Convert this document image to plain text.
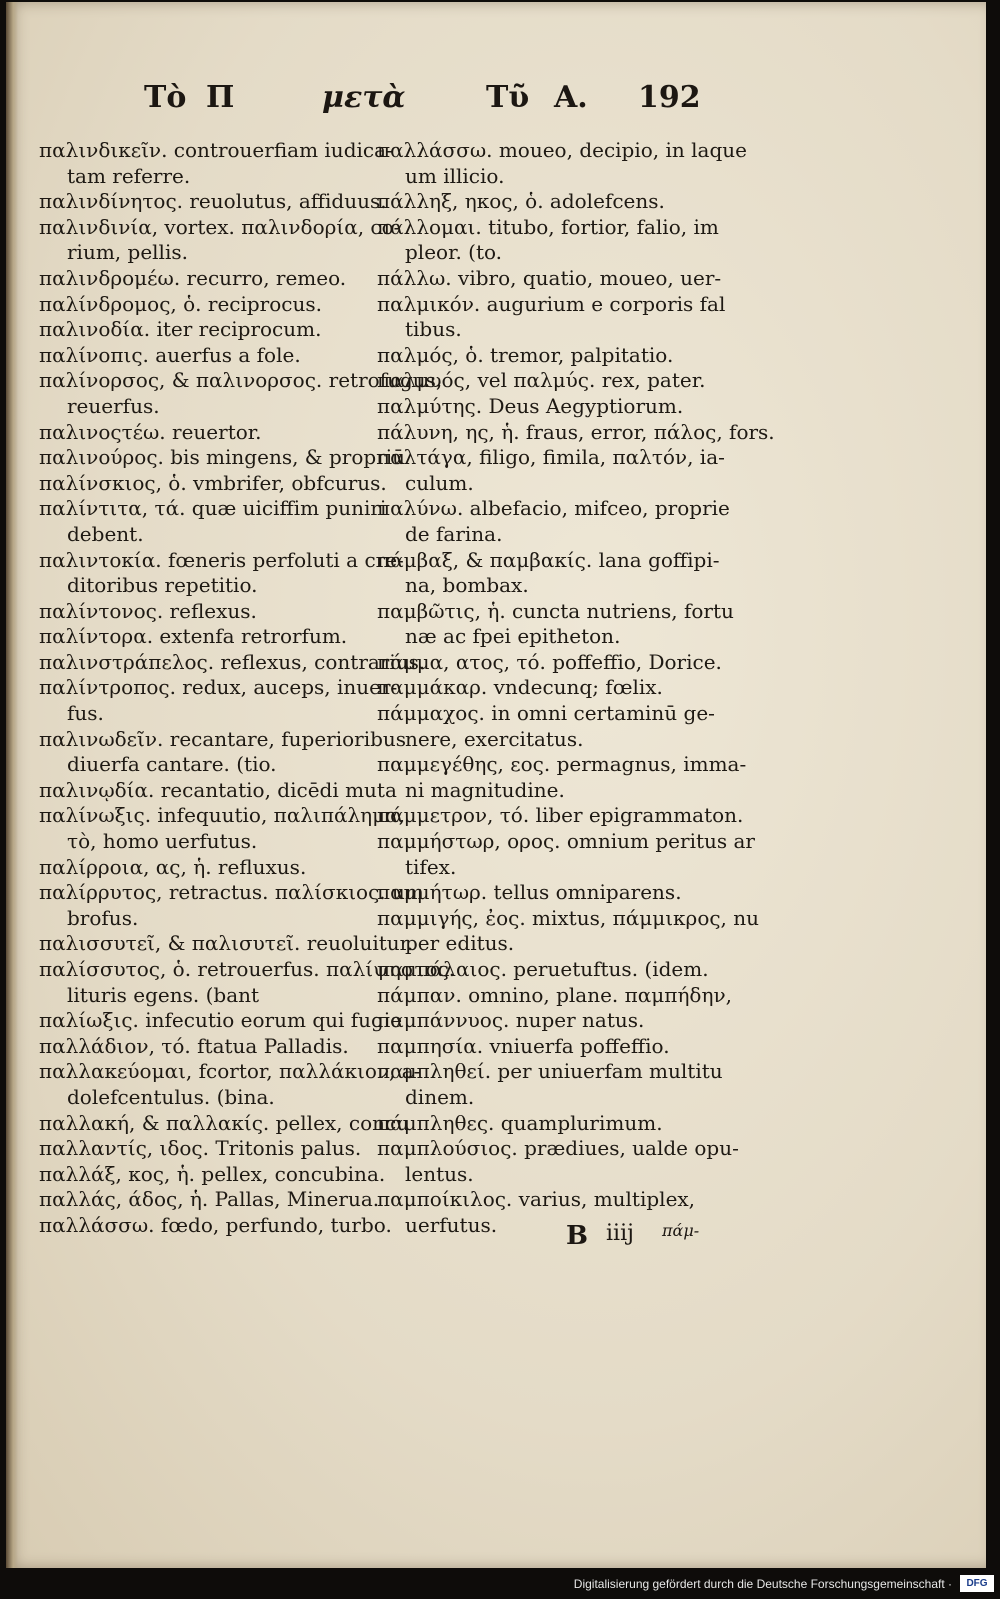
Τὸ Π	μετὰ	Τῦ Α. 192
παλινδικεῖν. controuerfiam iudica-
tam referre.
παλινδίνητος. reuolutus, affiduus.
παλινδινία, vortex. παλινδορία, co-
rium, pellis.
παλινδρομέω. recurro, remeo.
παλίνδρομος, ὁ. reciprocus.
παλινοδία. iter reciprocum.
παλίνοπις. auerfus a fole.
παλίνορσος, & παλινορσος. retrofugus,
reuerfus.
παλινοςτέω. reuertor.
παλινούρος. bis mingens, & propriū
παλίνσκιος, ὁ. vmbrifer, obfcurus.
παλίντιτα, τά. quæ uiciffim puniri
debent.
παλιντοκία. fœneris perfoluti a cre-
ditoribus repetitio.
παλίντονος. reflexus.
παλίντορα. extenfa retrorfum.
παλινστράπελος. reflexus, contrarius.
παλίντροπος. redux, auceps, inuer-
fus.
παλινωδεῖν. recantare, fuperioribus
diuerfa cantare. (tio.
παλινῳδία. recantatio, dicēdi muta
παλίνωξις. infequutio, παλιπάλημα,
τὸ, homo uerfutus.
παλίρροια, ας, ἡ. refluxus.
παλίρρυτος, retractus. παλίσκιος. um
brofus.
παλισσυτεῖ, & παλισυτεῖ. reuoluitur.
παλίσσυτος, ὁ. retrouerfus. παλίψηστος.
lituris egens. (bant
παλίωξις. infecutio eorum qui fugie
παλλάδιον, τό. ftatua Palladis.
παλλακεύομαι, fcortor, παλλάκιον, a-
dolefcentulus. (bina.
παλλακή, & παλλακίς. pellex, concu
παλλαντίς, ιδος. Tritonis palus.
παλλάξ, κος, ἡ. pellex, concubina.
παλλάς, άδος, ἡ. Pallas, Minerua.
παλλάσσω. fœdo, perfundo, turbo.
παλλάσσω. moueo, decipio, in laque
um illicio.
πάλληξ, ηκος, ὁ. adolefcens.
πάλλομαι. titubo, fortior, falio, im
pleor. (to.
πάλλω. vibro, quatio, moueo, uer-
παλμικόν. augurium e corporis fal
tibus.
παλμός, ὁ. tremor, palpitatio.
παλμυός, vel παλμύς. rex, pater.
παλμύτης. Deus Aegyptiorum.
πάλυνη, ης, ἡ. fraus, error, πάλος, fors.
παλτάγα, filigo, fimila, παλτόν, ia-
culum.
παλύνω. albefacio, mifceo, proprie
de farina.
πάμβαξ, & παμβακίς. lana goffipi-
na, bombax.
παμβῶτις, ἡ. cuncta nutriens, fortu
næ ac fpei epitheton.
πάμμα, ατος, τό. poffeffio, Dorice.
παμμάκαρ. vndecunq; fœlix.
πάμμαχος. in omni certaminū ge-
nere, exercitatus.
παμμεγέθης, εος. permagnus, imma-
ni magnitudine.
πάμμετρον, τό. liber epigrammaton.
παμμήστωρ, ορος. omnium peritus ar
tifex.
παμμήτωρ. tellus omniparens.
παμμιγής, ἐος. mixtus, πάμμικρος, nu
per editus.
παμπάλαιος. peruetuftus. (idem.
πάμπαν. omnino, plane. παμπήδην,
παμπάννυος. nuper natus.
παμπησία. vniuerfa poffeffio.
παμπληθεί. per uniuerfam multitu
dinem.
πάμπληθες. quamplurimum.
παμπλούσιος. prædiues, ualde opu-
lentus.
παμποίκιλος. varius, multiplex,
uerfutus.	B iiij πάμ-
Digitalisierung gefördert durch die Deutsche Forschungsgemeinschaft ·	DFG
